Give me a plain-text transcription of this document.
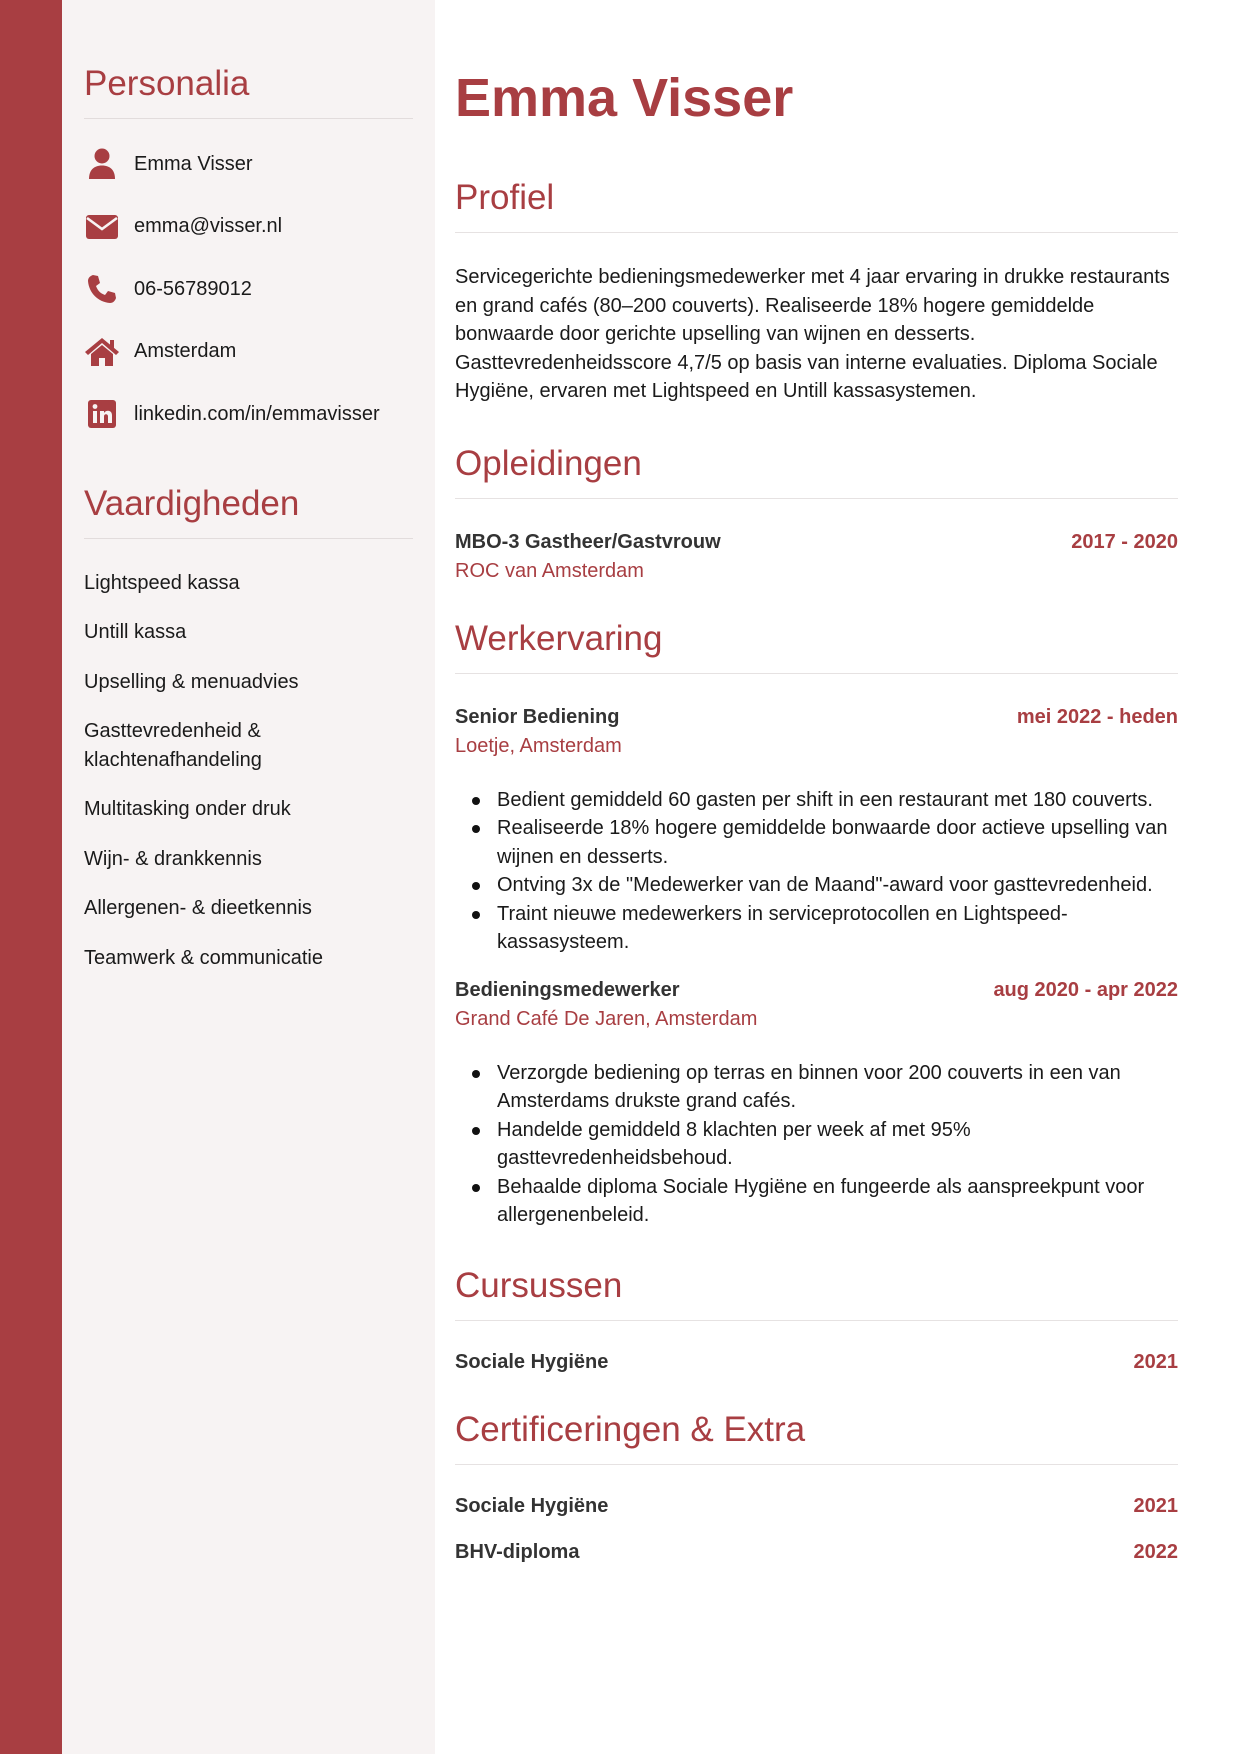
Personalia
Emma Visser
emma@visser.nl
06-56789012
Amsterdam
linkedin.com/in/emmavisser
Vaardigheden
Lightspeed kassa
Untill kassa
Upselling & menuadvies
Gasttevredenheid & klachtenafhandeling
Multitasking onder druk
Wijn- & drankkennis
Allergenen- & dieetkennis
Teamwerk & communicatie
Emma Visser
Profiel

Servicegerichte bedieningsmedewerker met 4 jaar ervaring in drukke restaurants en grand cafés (80–200 couverts). Realiseerde 18% hogere gemiddelde bonwaarde door gerichte upselling van wijnen en desserts. Gasttevredenheidsscore 4,7/5 op basis van interne evaluaties. Diploma Sociale Hygiëne, ervaren met Lightspeed en Untill kassasystemen.

Opleidingen
MBO-3 Gastheer/Gastvrouw	2017 - 2020
ROC van Amsterdam
Werkervaring
Senior Bediening	mei 2022 - heden
Loetje, Amsterdam
Bedient gemiddeld 60 gasten per shift in een restaurant met 180 couverts.
Realiseerde 18% hogere gemiddelde bonwaarde door actieve upselling van wijnen en desserts.
Ontving 3x de "Medewerker van de Maand"-award voor gasttevredenheid.
Traint nieuwe medewerkers in serviceprotocollen en Lightspeed-kassasysteem.
Bedieningsmedewerker	aug 2020 - apr 2022
Grand Café De Jaren, Amsterdam
Verzorgde bediening op terras en binnen voor 200 couverts in een van Amsterdams drukste grand cafés.
Handelde gemiddeld 8 klachten per week af met 95% gasttevredenheidsbehoud.
Behaalde diploma Sociale Hygiëne en fungeerde als aanspreekpunt voor allergenenbeleid.
Cursussen
Sociale Hygiëne	2021
Certificeringen & Extra
Sociale Hygiëne	2021
BHV-diploma	2022
